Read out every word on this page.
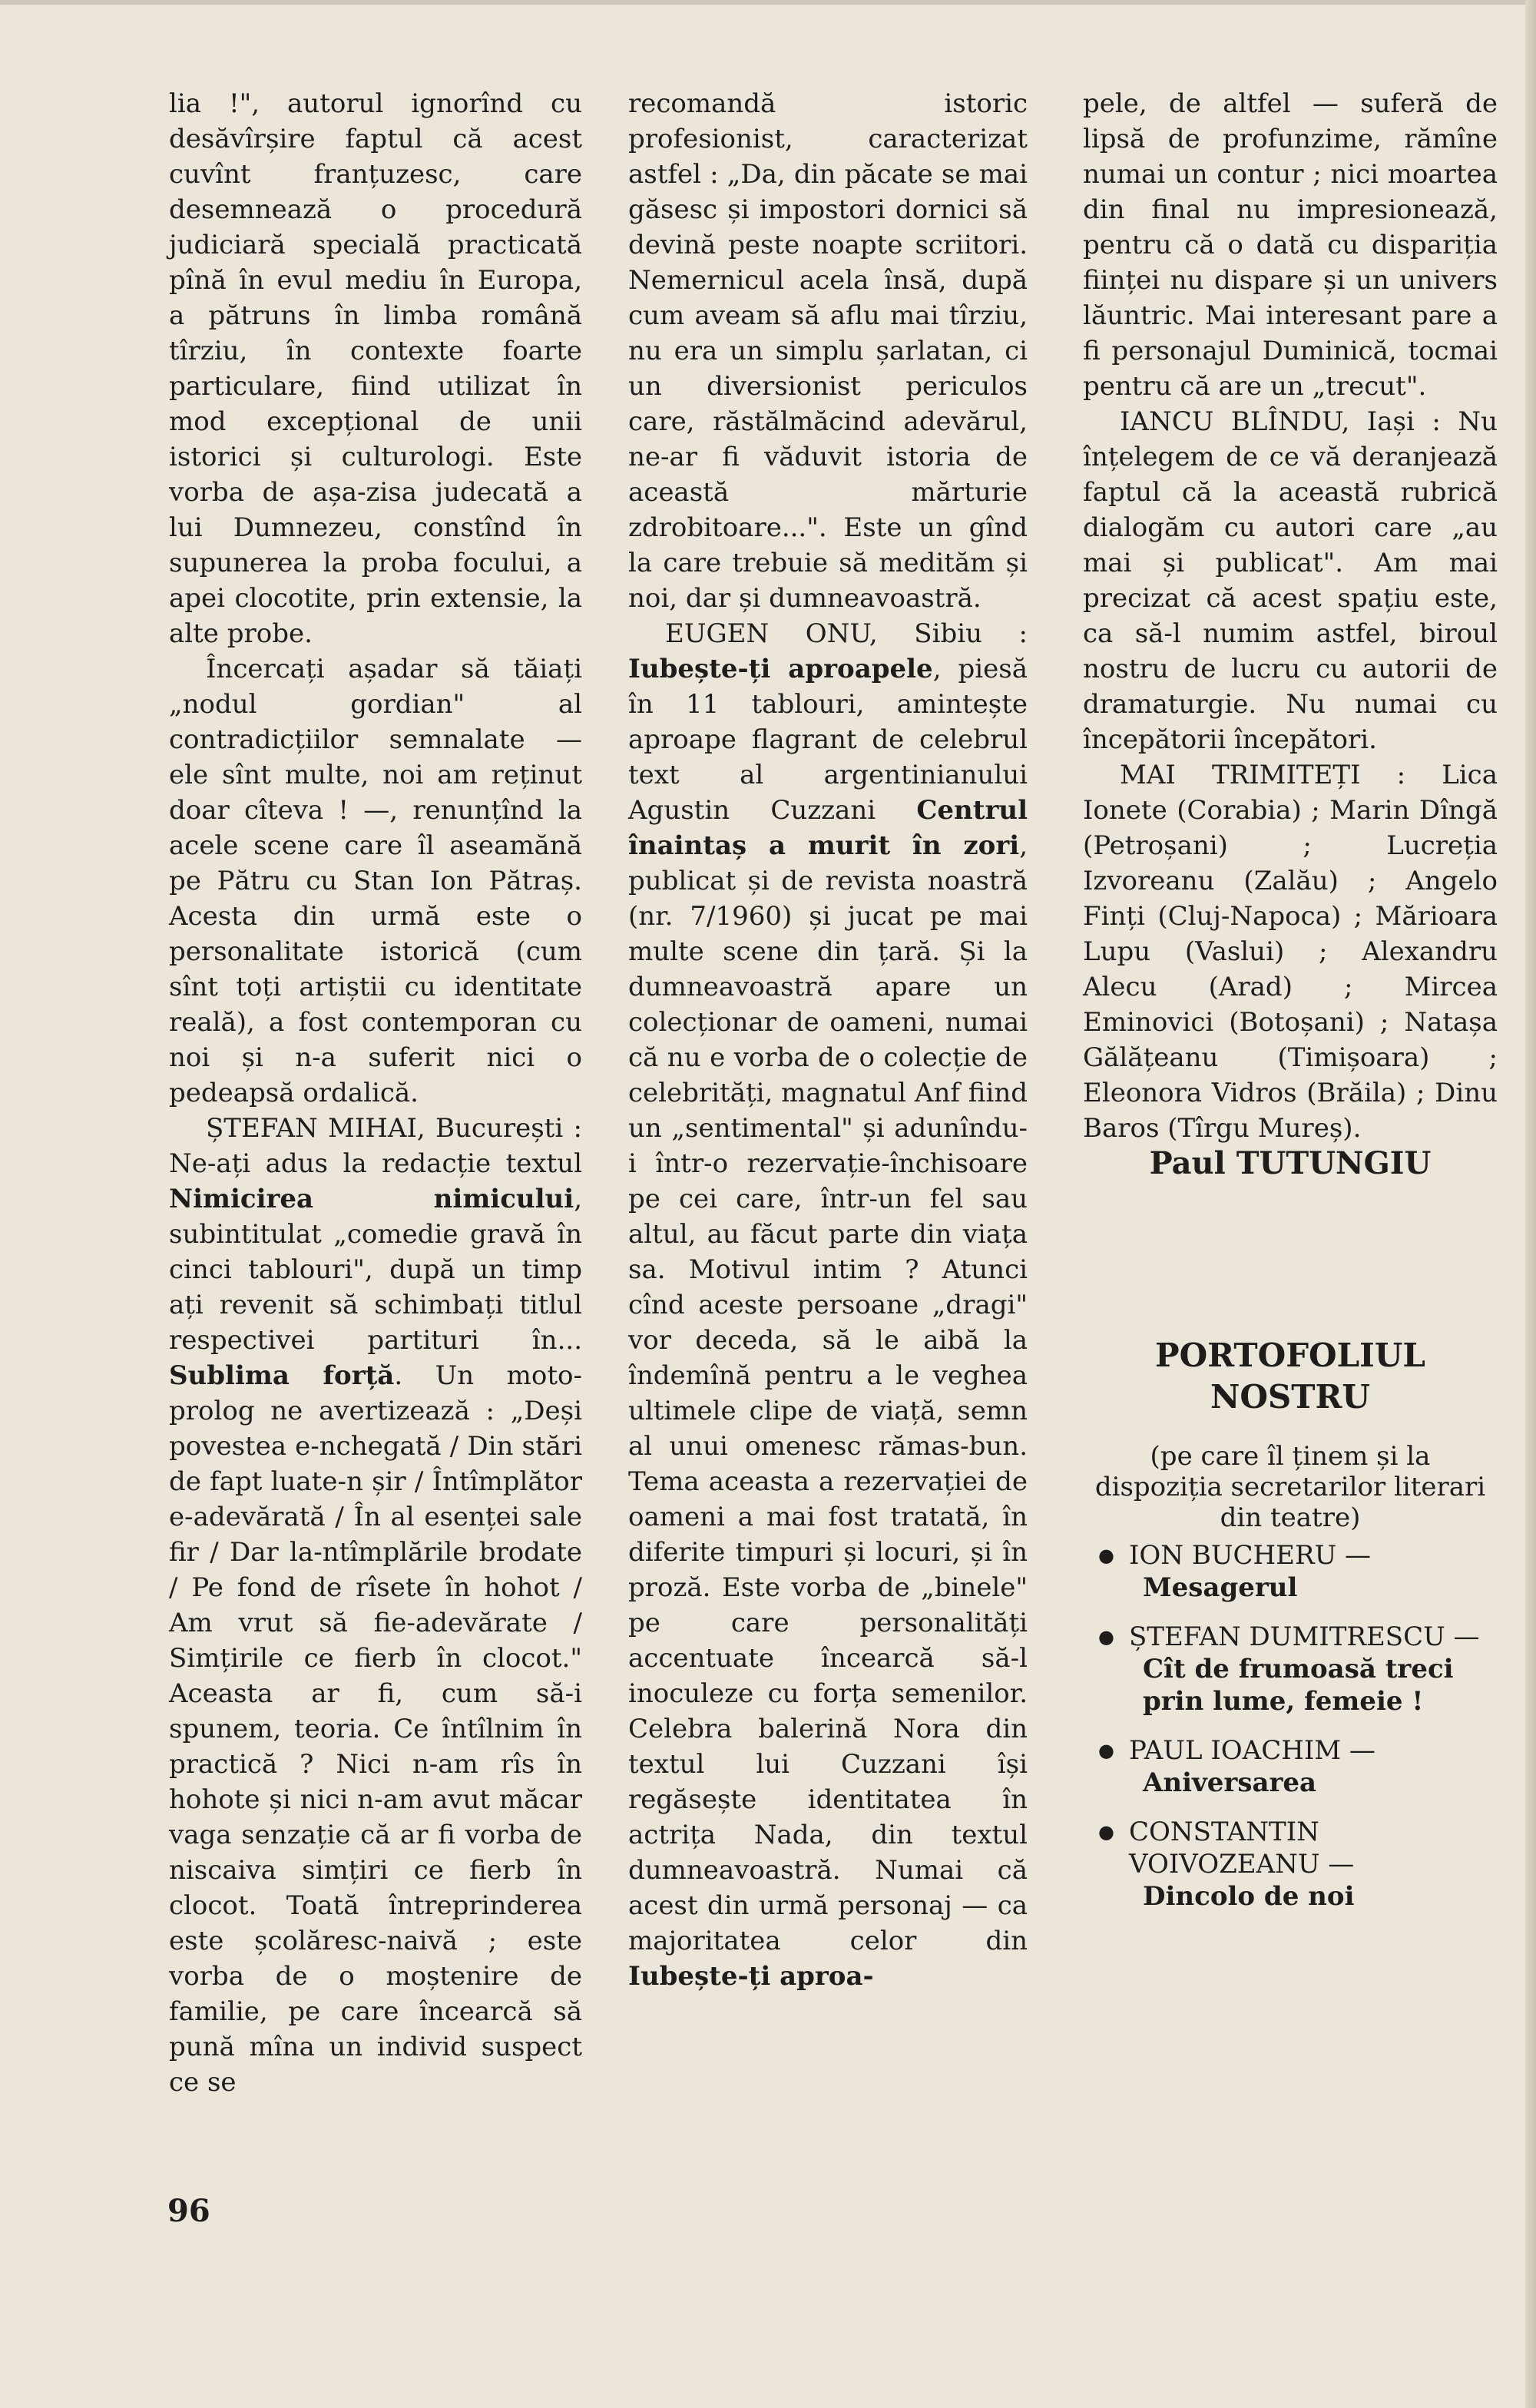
lia !", autorul ignorînd cu desăvîrșire faptul că acest cuvînt franțuzesc, care desemnează o procedură judiciară specială practicată pînă în evul mediu în Europa, a pătruns în limba română tîrziu, în contexte foarte particulare, fiind utilizat în mod excepțional de unii istorici și culturologi. Este vorba de așa-zisa judecată a lui Dumnezeu, constînd în supunerea la proba focului, a apei clocotite, prin extensie, la alte probe.

Încercați așadar să tăiați „nodul gordian" al contradicțiilor semnalate — ele sînt multe, noi am reținut doar cîteva ! —, renunțînd la acele scene care îl aseamănă pe Pătru cu Stan Ion Pătraș. Acesta din urmă este o personalitate istorică (cum sînt toți artiștii cu identitate reală), a fost contemporan cu noi și n-a suferit nici o pedeapsă ordalică.

ȘTEFAN MIHAI, București : Ne-ați adus la redacție textul Nimicirea nimicului, subintitulat „comedie gravă în cinci tablouri", după un timp ați revenit să schimbați titlul respectivei partituri în... Sublima forță. Un moto-prolog ne avertizează : „Deși povestea e-nchegată / Din stări de fapt luate-n șir / Întîmplător e-adevărată / În al esenței sale fir / Dar la-ntîmplările brodate / Pe fond de rîsete în hohot / Am vrut să fie-adevărate / Simțirile ce fierb în clocot." Aceasta ar fi, cum să-i spunem, teoria. Ce întîlnim în practică ? Nici n-am rîs în hohote și nici n-am avut măcar vaga senzație că ar fi vorba de niscaiva simțiri ce fierb în clocot. Toată întreprinderea este școlăresc-naivă ; este vorba de o moștenire de familie, pe care încearcă să pună mîna un individ suspect ce se

recomandă istoric profesionist, caracterizat astfel : „Da, din păcate se mai găsesc și impostori dornici să devină peste noapte scriitori. Nemernicul acela însă, după cum aveam să aflu mai tîrziu, nu era un simplu șarlatan, ci un diversionist periculos care, răstălmăcind adevărul, ne-ar fi văduvit istoria de această mărturie zdrobitoare...". Este un gînd la care trebuie să medităm și noi, dar și dumneavoastră.

EUGEN ONU, Sibiu : Iubește-ți aproapele, piesă în 11 tablouri, amintește aproape flagrant de celebrul text al argentinianului Agustin Cuzzani Centrul înaintaș a murit în zori, publicat și de revista noastră (nr. 7/1960) și jucat pe mai multe scene din țară. Și la dumneavoastră apare un colecționar de oameni, numai că nu e vorba de o colecție de celebrități, magnatul Anf fiind un „sentimental" și adunîndu-i într-o rezervație-închisoare pe cei care, într-un fel sau altul, au făcut parte din viața sa. Motivul intim ? Atunci cînd aceste persoane „dragi" vor deceda, să le aibă la îndemînă pentru a le veghea ultimele clipe de viață, semn al unui omenesc rămas-bun. Tema aceasta a rezervației de oameni a mai fost tratată, în diferite timpuri și locuri, și în proză. Este vorba de „binele" pe care personalități accentuate încearcă să-l inoculeze cu forța semenilor. Celebra balerină Nora din textul lui Cuzzani își regăsește identitatea în actrița Nada, din textul dumneavoastră. Numai că acest din urmă personaj — ca majoritatea celor din Iubește-ți aproa-

pele, de altfel — suferă de lipsă de profunzime, rămîne numai un contur ; nici moartea din final nu impresionează, pentru că o dată cu dispariția ființei nu dispare și un univers lăuntric. Mai interesant pare a fi personajul Duminică, tocmai pentru că are un „trecut".

IANCU BLÎNDU, Iași : Nu înțelegem de ce vă deranjează faptul că la această rubrică dialogăm cu autori care „au mai și publicat". Am mai precizat că acest spațiu este, ca să-l numim astfel, biroul nostru de lucru cu autorii de dramaturgie. Nu numai cu începătorii începători.

MAI TRIMITEȚI : Lica Ionete (Corabia) ; Marin Dîngă (Petroșani) ; Lucreția Izvoreanu (Zalău) ; Angelo Finți (Cluj-Napoca) ; Mărioara Lupu (Vaslui) ; Alexandru Alecu (Arad) ; Mircea Eminovici (Botoșani) ; Natașa Gălățeanu (Timișoara) ; Eleonora Vidros (Brăila) ; Dinu Baros (Tîrgu Mureș).

Paul TUTUNGIU

PORTOFOLIUL
NOSTRU

(pe care îl ținem și la dispoziția secretarilor literari din teatre)

● ION BUCHERU —
Mesagerul
● ȘTEFAN DUMITRESCU —
Cît de frumoasă treci prin lume, femeie !
● PAUL IOACHIM —
Aniversarea
● CONSTANTIN VOIVOZEANU —
Dincolo de noi
96
